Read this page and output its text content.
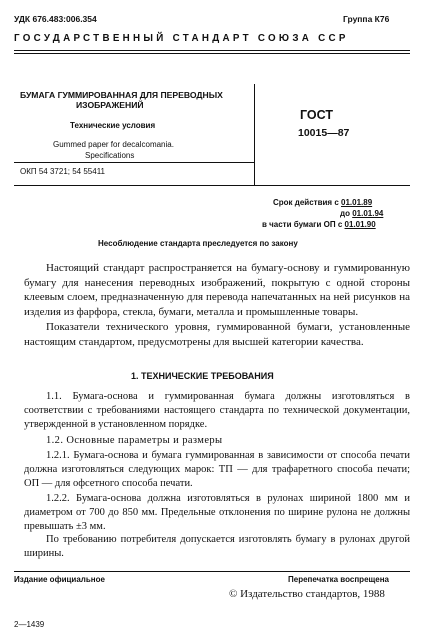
УДК 676.483:006.354	Группа К76
ГОСУДАРСТВЕННЫЙ СТАНДАРТ СОЮЗА ССР
БУМАГА ГУММИРОВАННАЯ ДЛЯ ПЕРЕВОДНЫХ
ИЗОБРАЖЕНИЙ
Технические условия
Gummed paper for decalcomania.
Specifications
ГОСТ
10015—87
ОКП 54 3721; 54 55411
Срок действия с 01.01.89
до 01.01.94
в части бумаги ОП с 01.01.90
Несоблюдение стандарта преследуется по закону
Настоящий стандарт распространяется на бумагу-основу и гуммированную бумагу для нанесения переводных изображений, покрытую с одной стороны клеевым слоем, предназначенную для перевода напечатанных на ней рисунков на изделия из фарфора, стекла, бумаги, металла и промышленные товары.
Показатели технического уровня, гуммированной бумаги, установленные настоящим стандартом, предусмотрены для высшей категории качества.
1. ТЕХНИЧЕСКИЕ ТРЕБОВАНИЯ
1.1. Бумага-основа и гуммированная бумага должны изготовляться в соответствии с требованиями настоящего стандарта по технической документации, утвержденной в установленном порядке.
1.2. Основные параметры и размеры
1.2.1. Бумага-основа и бумага гуммированная в зависимости от способа печати должна изготовляться следующих марок: ТП — для трафаретного способа печати; ОП — для офсетного способа печати.
1.2.2. Бумага-основа должна изготовляться в рулонах шириной 1800 мм и диаметром от 700 до 850 мм. Предельные отклонения по ширине рулона не должны превышать ±3 мм.
По требованию потребителя допускается изготовлять бумагу в рулонах другой ширины.
Издание официальное	Перепечатка воспрещена
© Издательство стандартов, 1988
2—1439
